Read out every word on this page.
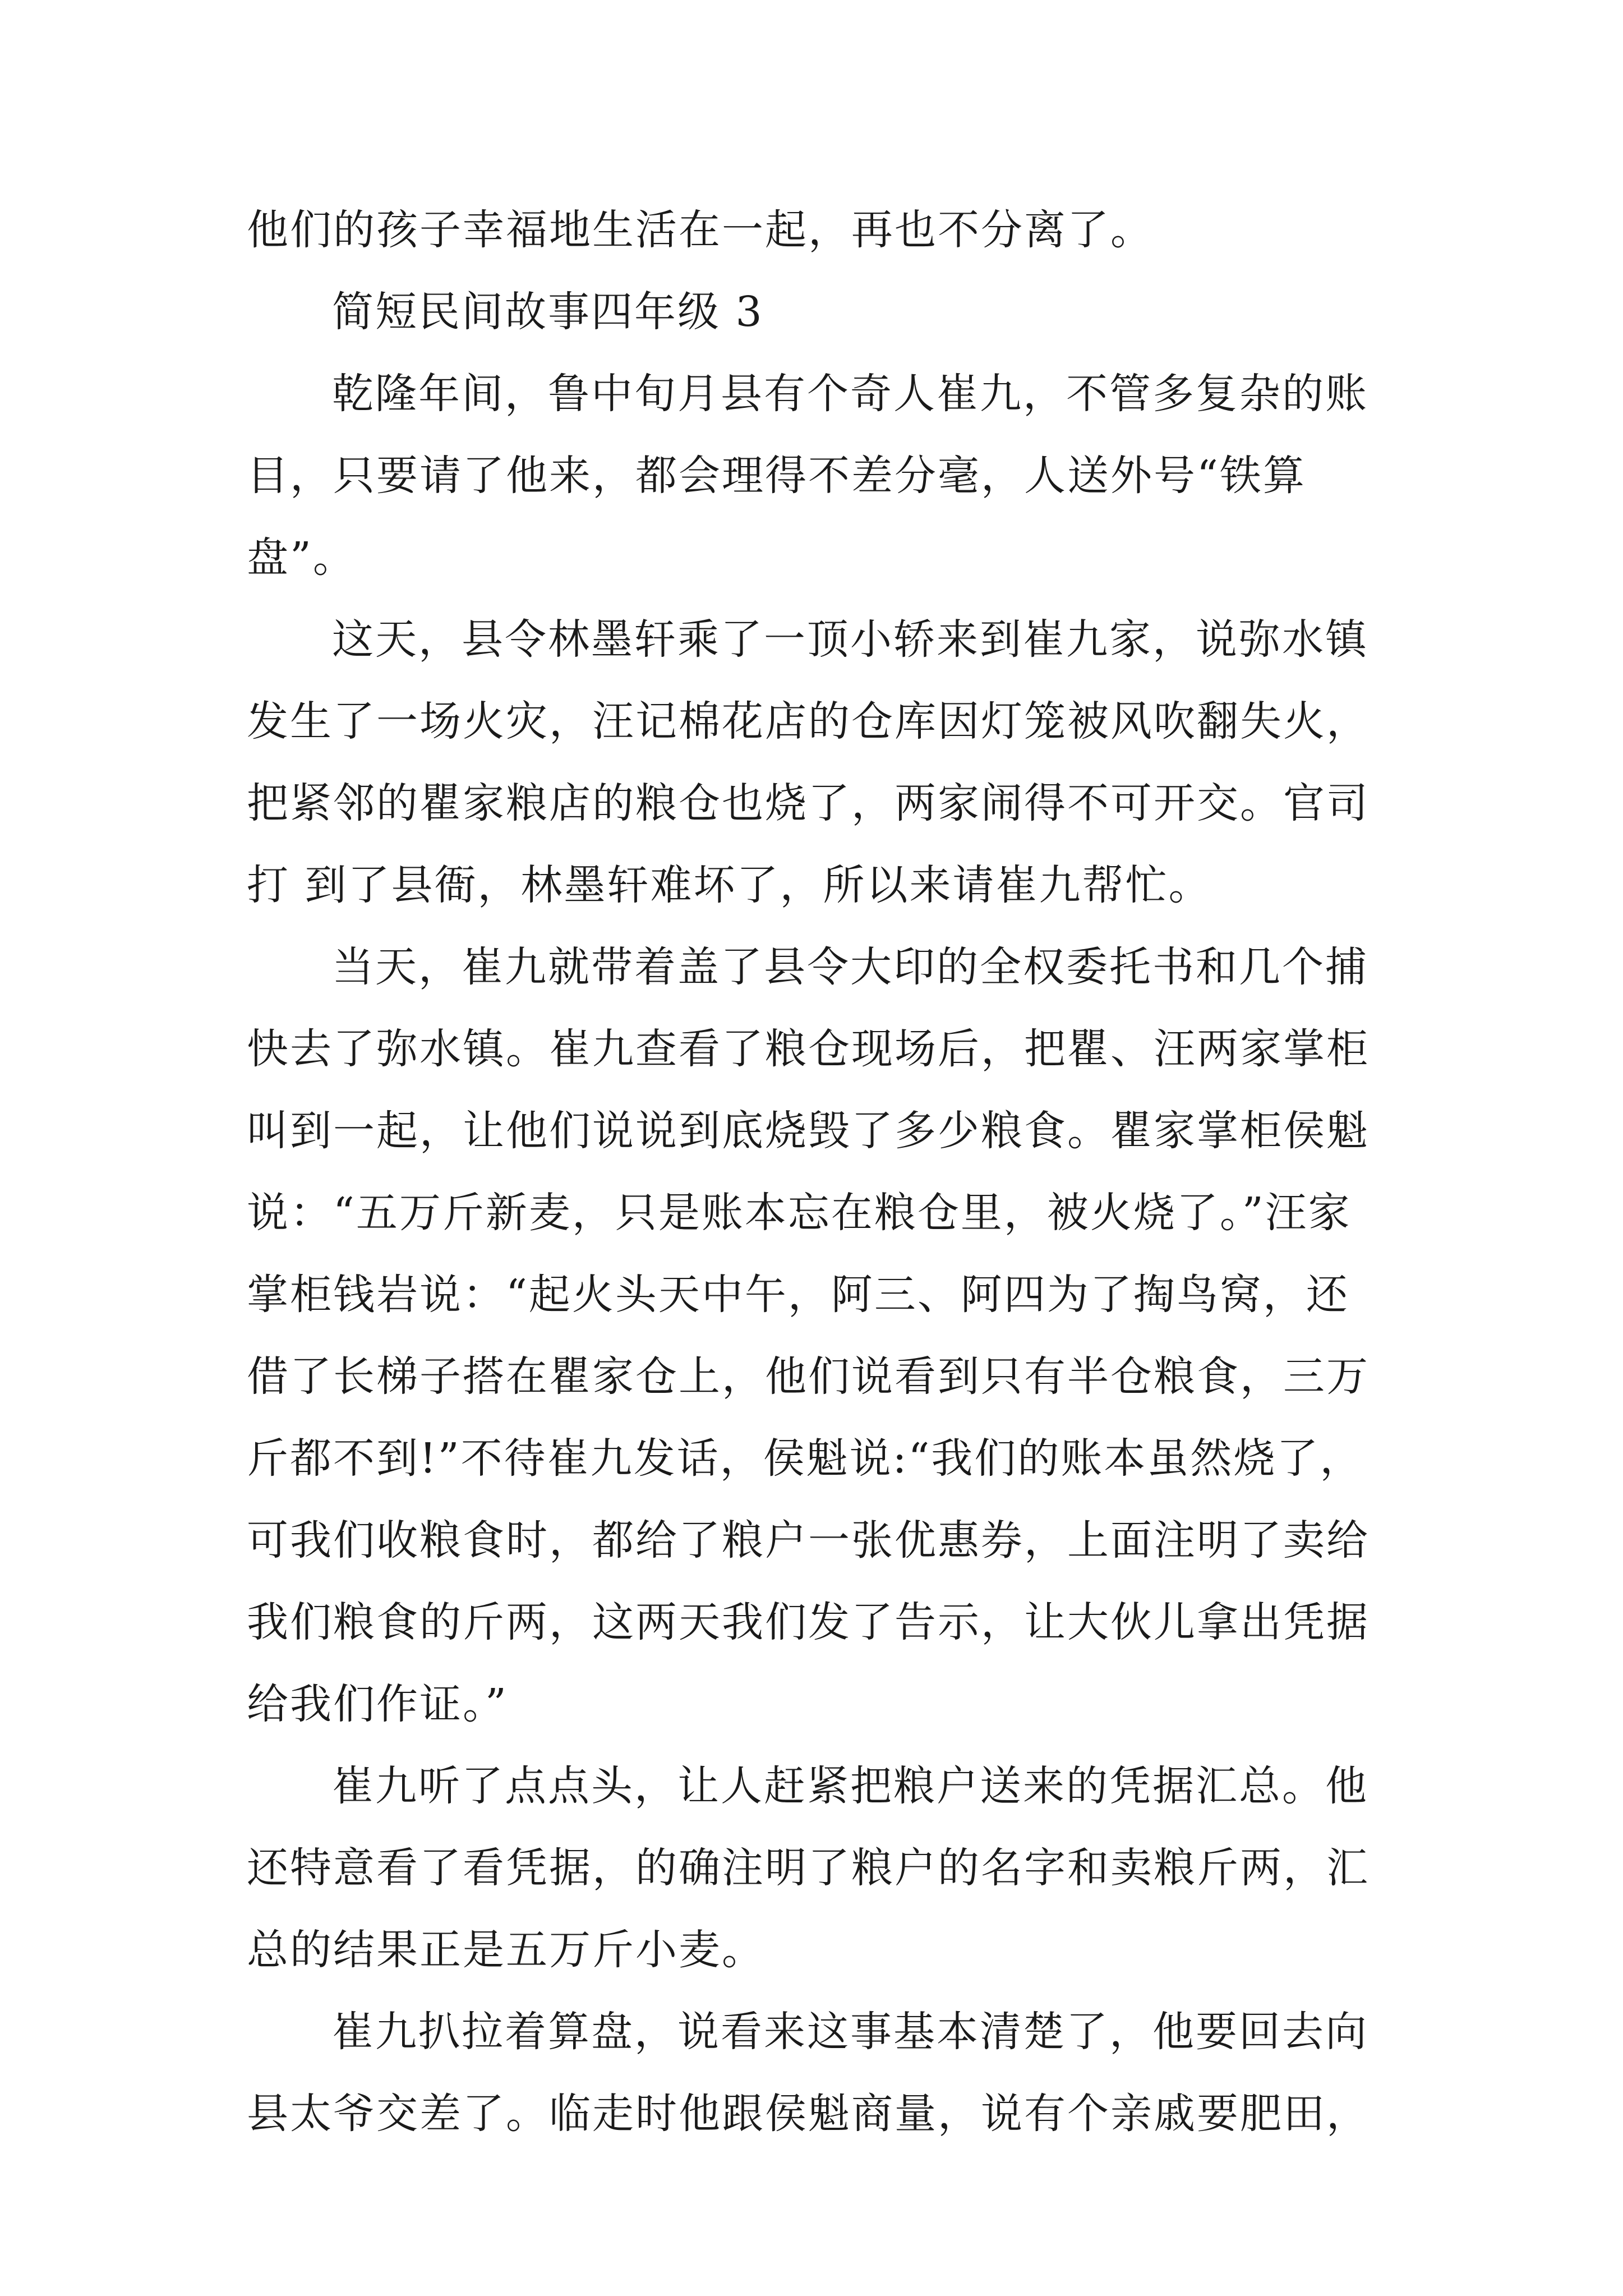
他们的孩子幸福地生活在一起，再也不分离了。
简短民间故事四年级 3
乾隆年间，鲁中旬月县有个奇人崔九，不管多复杂的账
目，只要请了他来，都会理得不差分毫，人送外号“铁算
盘”。
这天，县令林墨轩乘了一顶小轿来到崔九家，说弥水镇
发生了一场火灾，汪记棉花店的仓库因灯笼被风吹翻失火，
把紧邻的瞿家粮店的粮仓也烧了，两家闹得不可开交。官司
打 到了县衙，林墨轩难坏了，所以来请崔九帮忙。
当天，崔九就带着盖了县令大印的全权委托书和几个捕
快去了弥水镇。崔九查看了粮仓现场后，把瞿、汪两家掌柜
叫到一起，让他们说说到底烧毁了多少粮食。瞿家掌柜侯魁
说：“五万斤新麦，只是账本忘在粮仓里，被火烧了。”汪家
掌柜钱岩说：“起火头天中午，阿三、阿四为了掏鸟窝，还
借了长梯子搭在瞿家仓上，他们说看到只有半仓粮食，三万
斤都不到!”不待崔九发话，侯魁说:“我们的账本虽然烧了，
可我们收粮食时，都给了粮户一张优惠券，上面注明了卖给
我们粮食的斤两，这两天我们发了告示，让大伙儿拿出凭据
给我们作证。”
崔九听了点点头，让人赶紧把粮户送来的凭据汇总。他
还特意看了看凭据，的确注明了粮户的名字和卖粮斤两，汇
总的结果正是五万斤小麦。
崔九扒拉着算盘，说看来这事基本清楚了，他要回去向
县太爷交差了。临走时他跟侯魁商量，说有个亲戚要肥田，
